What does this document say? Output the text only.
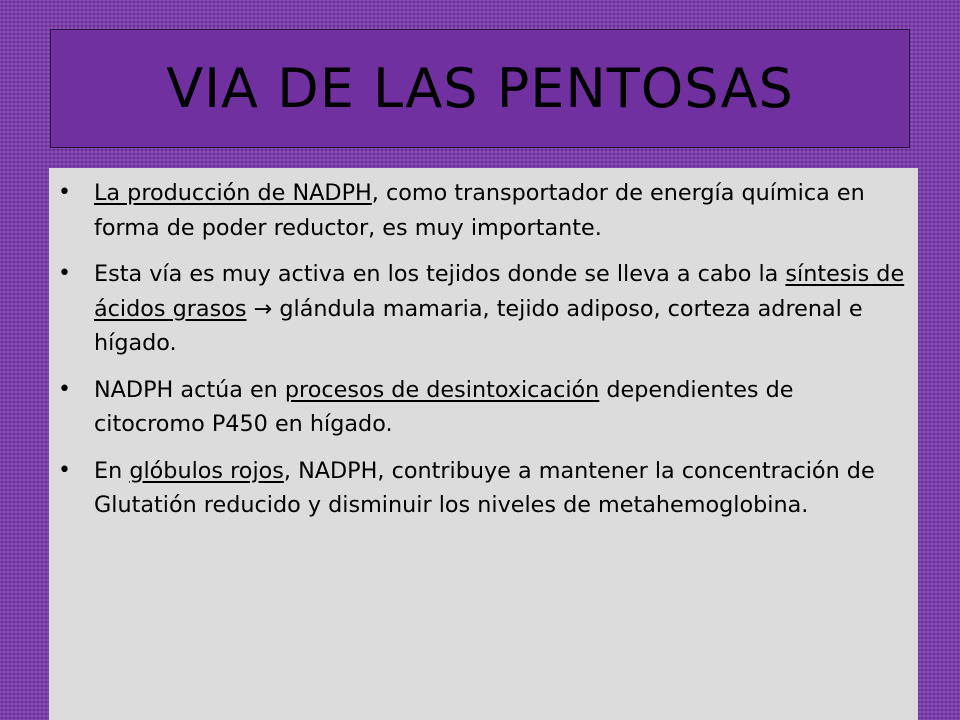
VIA DE LAS PENTOSAS
• La producción de NADPH, como transportador de energía química en forma de poder reductor, es muy importante.
• Esta vía es muy activa en los tejidos donde se lleva a cabo la síntesis de ácidos grasos → glándula mamaria, tejido adiposo, corteza adrenal e hígado.
• NADPH actúa en procesos de desintoxicación dependientes de citocromo P450 en hígado.
• En glóbulos rojos, NADPH, contribuye a mantener la concentración de Glutatión reducido y disminuir los niveles de metahemoglobina.
